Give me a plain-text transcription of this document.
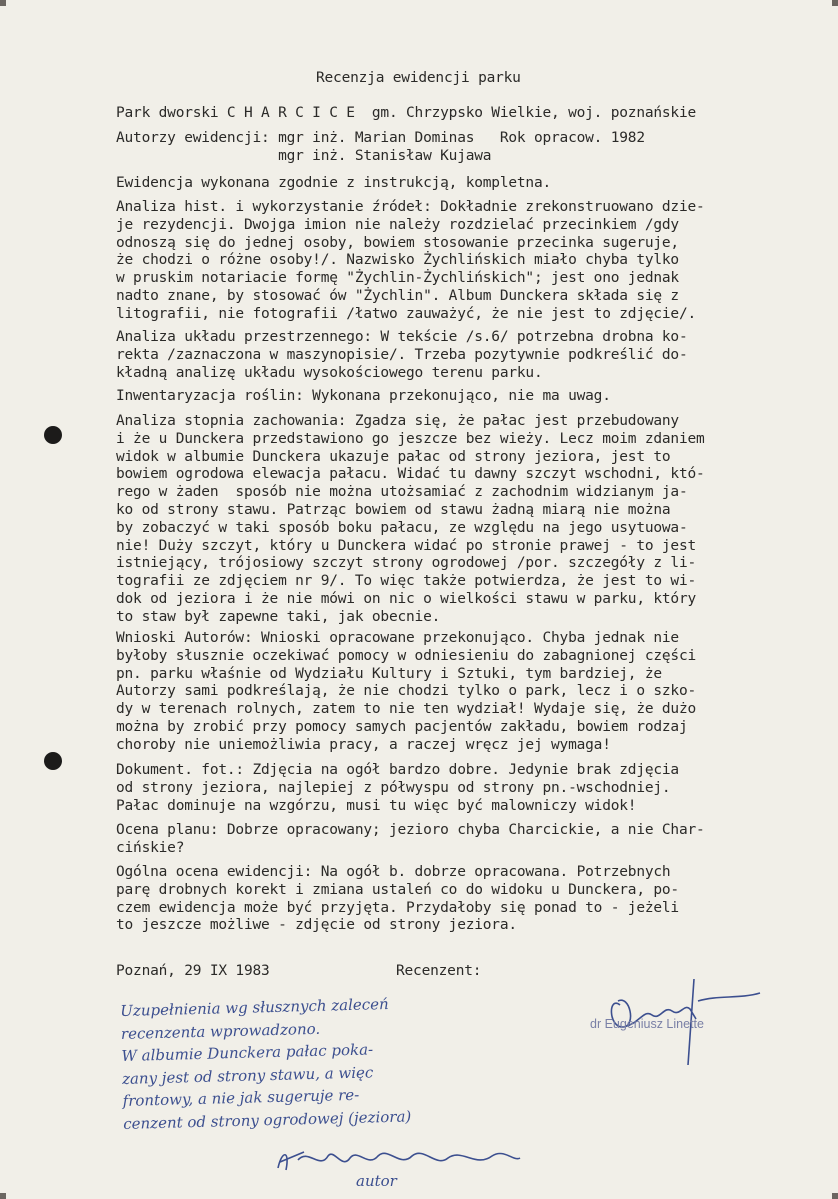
Recenzja ewidencji parku
Park dworski C H A R C I C E  gm. Chrzypsko Wielkie, woj. poznańskie
Autorzy ewidencji: mgr inż. Marian Dominas   Rok opracow. 1982
mgr inż. Stanisław Kujawa
Ewidencja wykonana zgodnie z instrukcją, kompletna.
Analiza hist. i wykorzystanie źródeł: Dokładnie zrekonstruowano dzie-
je rezydencji. Dwojga imion nie należy rozdzielać przecinkiem /gdy
odnoszą się do jednej osoby, bowiem stosowanie przecinka sugeruje,
że chodzi o różne osoby!/. Nazwisko Żychlińskich miało chyba tylko
w pruskim notariacie formę "Żychlin-Żychlińskich"; jest ono jednak
nadto znane, by stosować ów "Żychlin". Album Dunckera składa się z
litografii, nie fotografii /łatwo zauważyć, że nie jest to zdjęcie/.
Analiza układu przestrzennego: W tekście /s.6/ potrzebna drobna ko-
rekta /zaznaczona w maszynopisie/. Trzeba pozytywnie podkreślić do-
kładną analizę układu wysokościowego terenu parku.
Inwentaryzacja roślin: Wykonana przekonująco, nie ma uwag.
Analiza stopnia zachowania: Zgadza się, że pałac jest przebudowany
i że u Dunckera przedstawiono go jeszcze bez wieży. Lecz moim zdaniem
widok w albumie Dunckera ukazuje pałac od strony jeziora, jest to
bowiem ogrodowa elewacja pałacu. Widać tu dawny szczyt wschodni, któ-
rego w żaden  sposób nie można utożsamiać z zachodnim widzianym ja-
ko od strony stawu. Patrząc bowiem od stawu żadną miarą nie można
by zobaczyć w taki sposób boku pałacu, ze względu na jego usytuowa-
nie! Duży szczyt, który u Dunckera widać po stronie prawej - to jest
istniejący, trójosiowy szczyt strony ogrodowej /por. szczegóły z li-
tografii ze zdjęciem nr 9/. To więc także potwierdza, że jest to wi-
dok od jeziora i że nie mówi on nic o wielkości stawu w parku, który
to staw był zapewne taki, jak obecnie.
Wnioski Autorów: Wnioski opracowane przekonująco. Chyba jednak nie
byłoby słusznie oczekiwać pomocy w odniesieniu do zabagnionej części
pn. parku właśnie od Wydziału Kultury i Sztuki, tym bardziej, że
Autorzy sami podkreślają, że nie chodzi tylko o park, lecz i o szko-
dy w terenach rolnych, zatem to nie ten wydział! Wydaje się, że dużo
można by zrobić przy pomocy samych pacjentów zakładu, bowiem rodzaj
choroby nie uniemożliwia pracy, a raczej wręcz jej wymaga!
Dokument. fot.: Zdjęcia na ogół bardzo dobre. Jedynie brak zdjęcia
od strony jeziora, najlepiej z półwyspu od strony pn.-wschodniej.
Pałac dominuje na wzgórzu, musi tu więc być malowniczy widok!
Ocena planu: Dobrze opracowany; jezioro chyba Charcickie, a nie Char-
cińskie?
Ogólna ocena ewidencji: Na ogół b. dobrze opracowana. Potrzebnych
parę drobnych korekt i zmiana ustaleń co do widoku u Dunckera, po-
czem ewidencja może być przyjęta. Przydałoby się ponad to - jeżeli
to jeszcze możliwe - zdjęcie od strony jeziora.
Poznań, 29 IX 1983	Recenzent:
dr Eugeniusz Linette
Uzupełnienia wg słusznych zaleceń
recenzenta wprowadzono.
W albumie Dunckera pałac poka-
zany jest od strony stawu, a więc
frontowy, a nie jak sugeruje re-
cenzent od strony ogrodowej (jeziora)
autor
